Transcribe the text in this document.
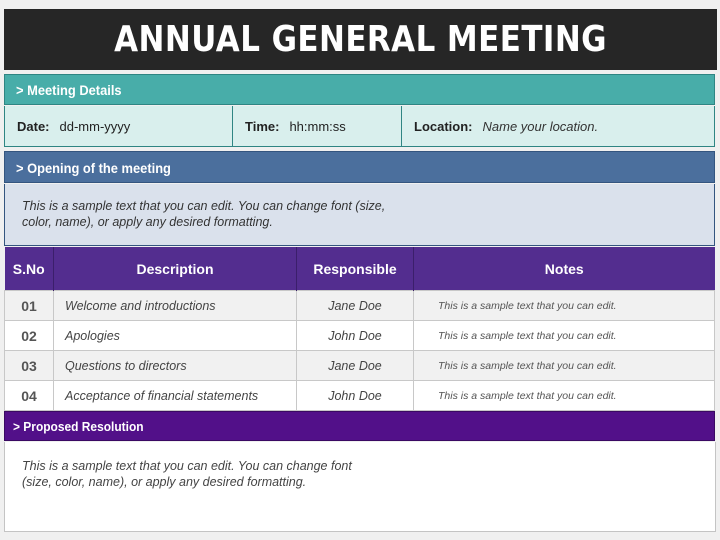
ANNUAL GENERAL MEETING
> Meeting Details
Date: dd-mm-yyyy	Time: hh:mm:ss	Location: Name your location.
> Opening of the meeting
This is a sample text that you can edit. You can change font (size, color, name), or apply any desired formatting.
S.No	Description	Responsible	Notes
01	Welcome and introductions	Jane Doe	This is a sample text that you can edit.
02	Apologies	John Doe	This is a sample text that you can edit.
03	Questions to directors	Jane Doe	This is a sample text that you can edit.
04	Acceptance of financial statements	John Doe	This is a sample text that you can edit.
> Proposed Resolution
This is a sample text that you can edit. You can change font (size, color, name), or apply any desired formatting.
